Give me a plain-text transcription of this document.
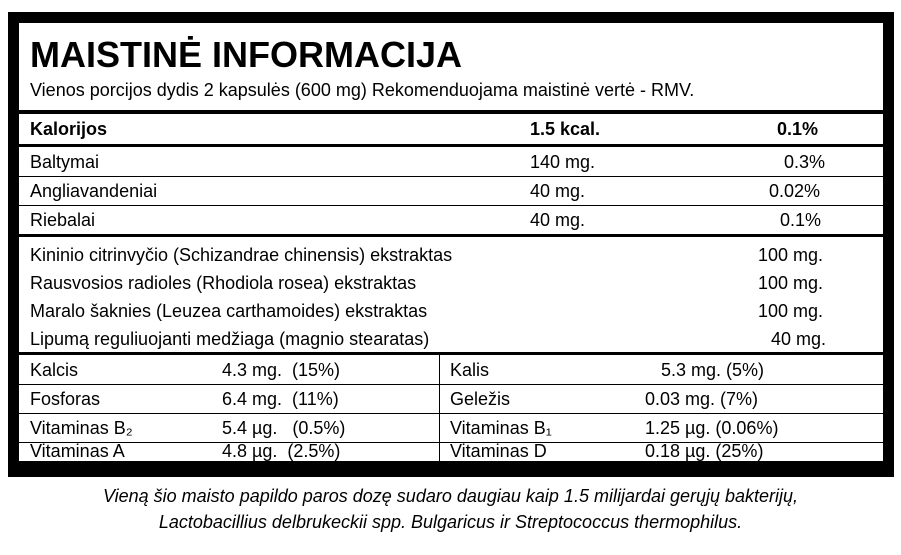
MAISTINĖ INFORMACIJA
Vienos porcijos dydis 2 kapsulės (600 mg) Rekomenduojama maistinė vertė - RMV.
Kalorijos	1.5 kcal.	0.1%
Baltymai	140 mg.	0.3%
Angliavandeniai	40 mg.	0.02%
Riebalai	40 mg.	0.1%
Kininio citrinvyčio (Schizandrae chinensis) ekstraktas	100 mg.
Rausvosios radioles (Rhodiola rosea) ekstraktas	100 mg.
Maralo šaknies (Leuzea carthamoides) ekstraktas	100 mg.
Lipumą reguliuojanti medžiaga (magnio stearatas)	40 mg.
Kalcis	4.3 mg.  (15%)	Kalis	5.3 mg. (5%)
Fosforas	6.4 mg.  (11%)	Geležis	0.03 mg. (7%)
Vitaminas B₂	5.4 µg.   (0.5%)	Vitaminas B₁	1.25 µg. (0.06%)
Vitaminas A	4.8 µg.  (2.5%)	Vitaminas D	0.18 µg. (25%)
Vieną šio maisto papildo paros dozę sudaro daugiau kaip 1.5 milijardai gerųjų bakterijų,
Lactobacillius delbrukeckii spp. Bulgaricus ir Streptococcus thermophilus.
